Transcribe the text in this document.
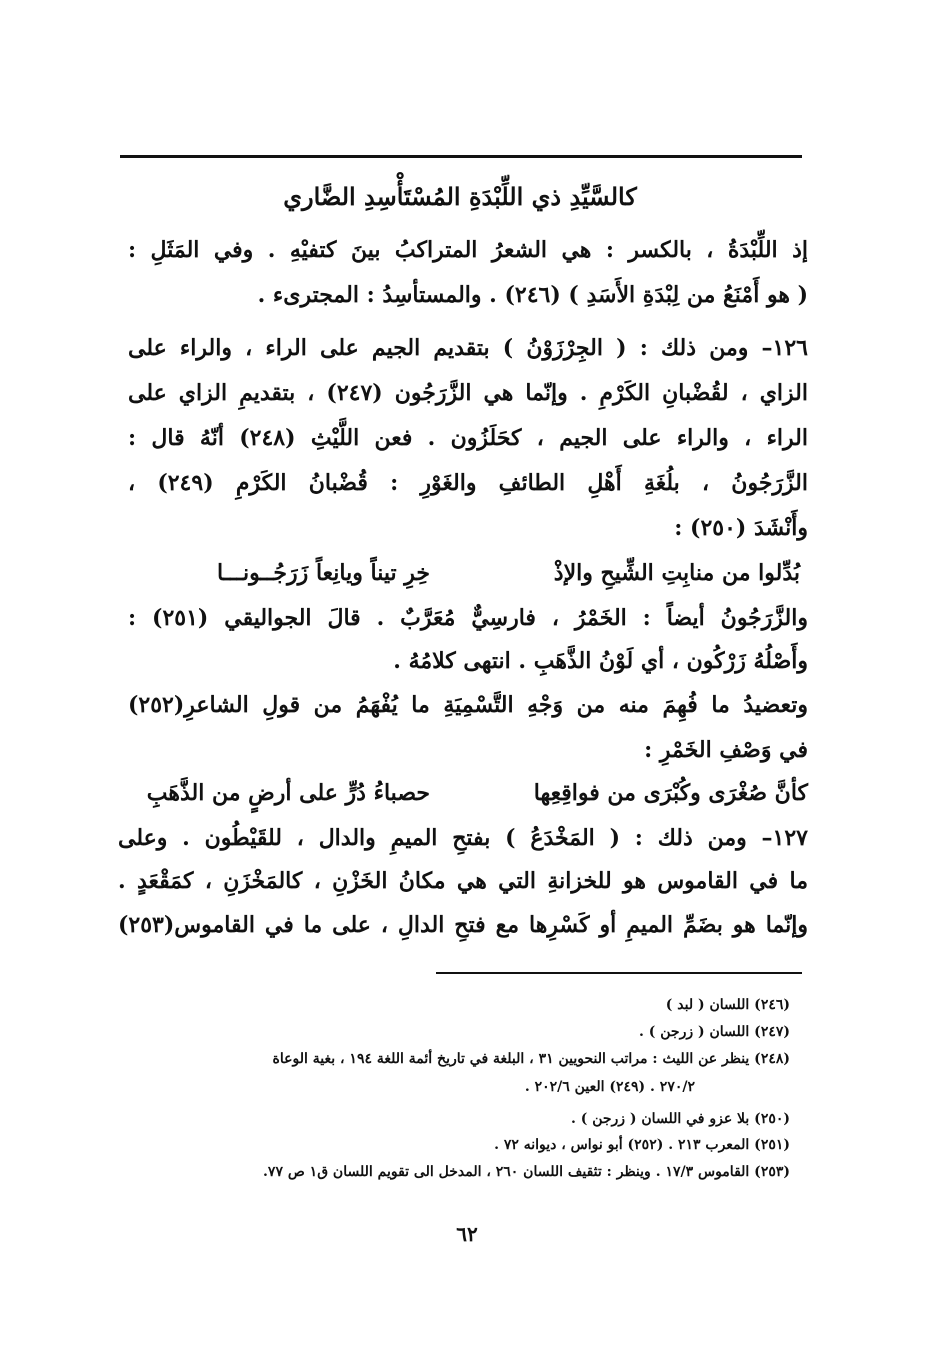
كالسَّيِّدِ ذي اللِّبْدَةِ المُسْتَأْسِدِ الضَّاري
إذ اللِّبْدَةُ ، بالكسر : هي الشعرُ المتراكبُ بينَ كتفيْهِ . وفي المَثَلِ :
( هو أَمْنَعُ من لِبْدَةِ الأَسَدِ ) (٢٤٦) . والمستأسِدُ : المجترىء .
١٢٦– ومن ذلك : ( الجِرْزَوْنُ ) بتقديم الجيم على الراء ، والراء على
الزاي ، لقُضْبانِ الكَرْمِ . وإنّما هي الزَّرَجُون (٢٤٧) ، بتقديمِ الزاي على
الراء ، والراء على الجيم ، كحَلَزُون . فعن اللَّيْثِ (٢٤٨) أنّهُ قال :
الزَّرَجُونُ ، بلُغَةِ أَهْلِ الطائفِ والغَوْرِ : قُضْبانُ الكَرْمِ (٢٤٩) ،
وأَنْشَدَ (٢٥٠) :
بُدِّلوا من منابِتِ الشِّيحِ والإذْ
خِرِ تيناً ويانِعاً زَرَجُــونـــا
والزَّرَجُونُ أيضاً : الخَمْرُ ، فارسِيٌّ مُعَرَّبٌ . قالَ الجواليقي (٢٥١) :
وأَصْلُهُ زَرْكُون ، أي لَوْنُ الذَّهَبِ . انتهى كلامُهُ .
وتعضيدُ ما فُهِمَ منه من وَجْهِ التَّسْمِيَةِ ما يُفْهَمُ من قولِ الشاعرِ(٢٥٢)
في وَصْفِ الخَمْرِ :
كأنَّ صُغْرَى وكُبْرَى من فواقِعِها
حصباءُ دُرٍّ على أرضٍ من الذَّهَبِ
١٢٧– ومن ذلك : ( المَخْدَعُ ) بفتحِ الميمِ والدال ، للقَيْطُون . وعلى
ما في القاموس هو للخزانةِ التي هي مكانُ الخَزْنِ ، كالمَخْزَنِ ، كمَقْعَدٍ .
وإنّما هو بضَمِّ الميمِ أو كَسْرِها مع فتحِ الدالِ ، على ما في القاموس(٢٥٣)
(٢٤٦) اللسان ( لبد )
(٢٤٧) اللسان ( زرجن ) .
(٢٤٨) ينظر عن الليث : مراتب النحويين ٣١ ، البلغة في تاريخ أئمة اللغة ١٩٤ ، بغية الوعاة
٢٧٠/٢ . (٢٤٩) العين ٢٠٢/٦ .
(٢٥٠) بلا عزو في اللسان ( زرجن ) .
(٢٥١) المعرب ٢١٣ . (٢٥٢) أبو نواس ، ديوانه ٧٢ .
(٢٥٣) القاموس ١٧/٣ . وينظر : تثقيف اللسان ٢٦٠ ، المدخل الى تقويم اللسان ق١ ص ٧٧.
٦٢
